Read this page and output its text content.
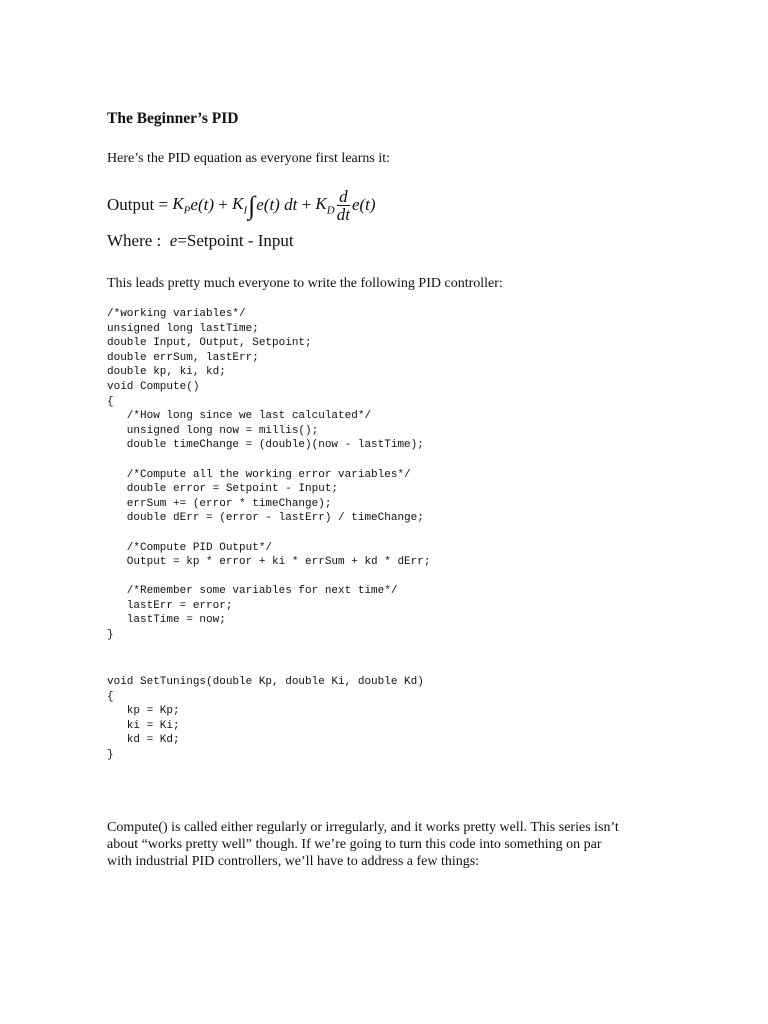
The Beginner’s PID

Here’s the PID equation as everyone first learns it:

Output
=
$K_P$ e(t)
+
$K_I$ ∫ e(t) dt
+
$K_D \frac{d}{dt} e(t)$
Where : e=Setpoint - Input

This leads pretty much everyone to write the following PID controller:

/*working variables*/
unsigned long lastTime;
double Input, Output, Setpoint;
double errSum, lastErr;
double kp, ki, kd;
void Compute()
{
/*How long since we last calculated*/
unsigned long now = millis();
double timeChange = (double)(now - lastTime);

/*Compute all the working error variables*/
double error = Setpoint - Input;
errSum += (error * timeChange);
double dErr = (error - lastErr) / timeChange;

/*Compute PID Output*/
Output = kp * error + ki * errSum + kd * dErr;

/*Remember some variables for next time*/
lastErr = error;
lastTime = now;
}
void SetTunings(double Kp, double Ki, double Kd)
{
kp = Kp;
ki = Ki;
kd = Kd;
}

Compute() is called either regularly or irregularly, and it works pretty well. This series isn’t
about “works pretty well” though. If we’re going to turn this code into something on par
with industrial PID controllers, we’ll have to address a few things:
